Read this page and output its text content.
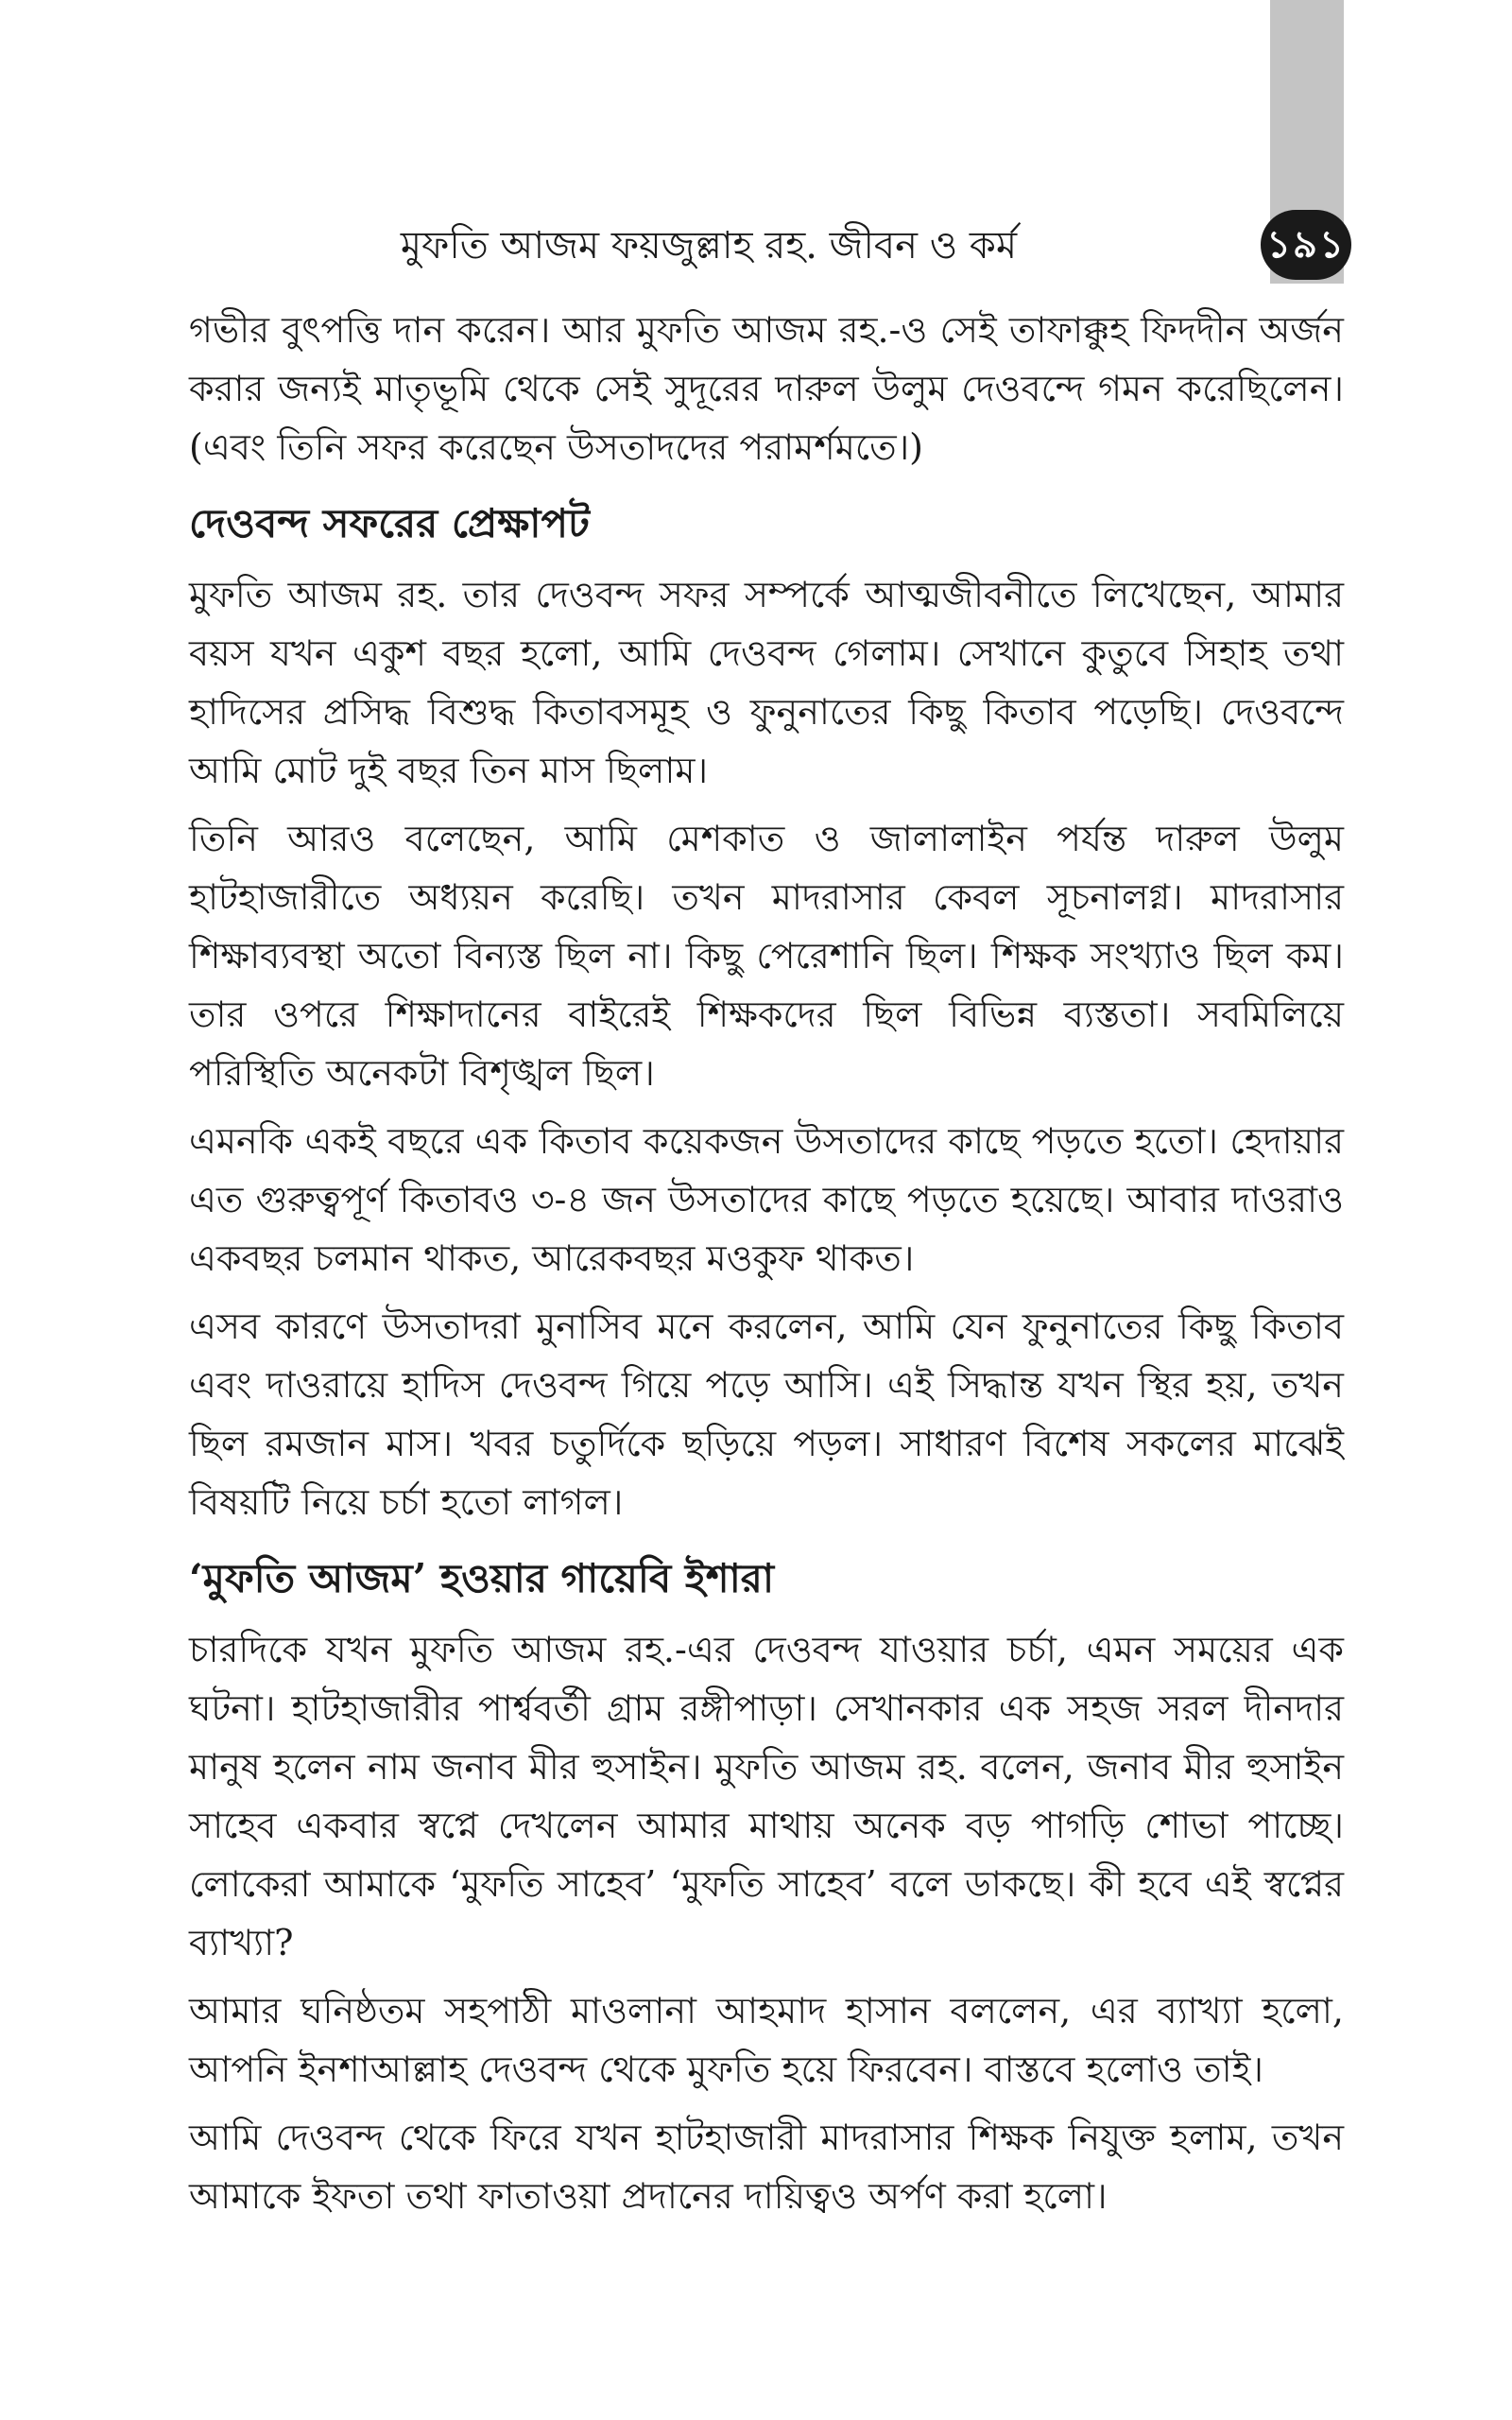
মুফতি আজম ফয়জুল্লাহ রহ. জীবন ও কর্ম	১৯১

গভীর বুৎপত্তি দান করেন। আর মুফতি আজম রহ.-ও সেই তাফাক্কুহ ফিদদীন অর্জন করার জন্যই মাতৃভূমি থেকে সেই সুদূরের দারুল উলুম দেওবন্দে গমন করেছিলেন। (এবং তিনি সফর করেছেন উসতাদদের পরামর্শমতে।)

দেওবন্দ সফরের প্রেক্ষাপট

মুফতি আজম রহ. তার দেওবন্দ সফর সম্পর্কে আত্মজীবনীতে লিখেছেন, আমার বয়স যখন একুশ বছর হলো, আমি দেওবন্দ গেলাম। সেখানে কুতুবে সিহাহ তথা হাদিসের প্রসিদ্ধ বিশুদ্ধ কিতাবসমূহ ও ফুনুনাতের কিছু কিতাব পড়েছি। দেওবন্দে আমি মোট দুই বছর তিন মাস ছিলাম।

তিনি আরও বলেছেন, আমি মেশকাত ও জালালাইন পর্যন্ত দারুল উলুম হাটহাজারীতে অধ্যয়ন করেছি। তখন মাদরাসার কেবল সূচনালগ্ন। মাদরাসার শিক্ষাব্যবস্থা অতো বিন্যস্ত ছিল না। কিছু পেরেশানি ছিল। শিক্ষক সংখ্যাও ছিল কম। তার ওপরে শিক্ষাদানের বাইরেই শিক্ষকদের ছিল বিভিন্ন ব্যস্ততা। সবমিলিয়ে পরিস্থিতি অনেকটা বিশৃঙ্খল ছিল।

এমনকি একই বছরে এক কিতাব কয়েকজন উসতাদের কাছে পড়তে হতো। হেদায়ার এত গুরুত্বপূর্ণ কিতাবও ৩-৪ জন উসতাদের কাছে পড়তে হয়েছে। আবার দাওরাও একবছর চলমান থাকত, আরেকবছর মওকুফ থাকত।

এসব কারণে উসতাদরা মুনাসিব মনে করলেন, আমি যেন ফুনুনাতের কিছু কিতাব এবং দাওরায়ে হাদিস দেওবন্দ গিয়ে পড়ে আসি। এই সিদ্ধান্ত যখন স্থির হয়, তখন ছিল রমজান মাস। খবর চতুর্দিকে ছড়িয়ে পড়ল। সাধারণ বিশেষ সকলের মাঝেই বিষয়টি নিয়ে চর্চা হতো লাগল।

‘মুফতি আজম’ হওয়ার গায়েবি ইশারা

চারদিকে যখন মুফতি আজম রহ.-এর দেওবন্দ যাওয়ার চর্চা, এমন সময়ের এক ঘটনা। হাটহাজারীর পার্শ্ববর্তী গ্রাম রঙ্গীপাড়া। সেখানকার এক সহজ সরল দীনদার মানুষ হলেন নাম জনাব মীর হুসাইন। মুফতি আজম রহ. বলেন, জনাব মীর হুসাইন সাহেব একবার স্বপ্নে দেখলেন আমার মাথায় অনেক বড় পাগড়ি শোভা পাচ্ছে। লোকেরা আমাকে ‘মুফতি সাহেব’ ‘মুফতি সাহেব’ বলে ডাকছে। কী হবে এই স্বপ্নের ব্যাখ্যা?

আমার ঘনিষ্ঠতম সহপাঠী মাওলানা আহমাদ হাসান বললেন, এর ব্যাখ্যা হলো, আপনি ইনশাআল্লাহ দেওবন্দ থেকে মুফতি হয়ে ফিরবেন। বাস্তবে হলোও তাই।

আমি দেওবন্দ থেকে ফিরে যখন হাটহাজারী মাদরাসার শিক্ষক নিযুক্ত হলাম, তখন আমাকে ইফতা তথা ফাতাওয়া প্রদানের দায়িত্বও অর্পণ করা হলো।
